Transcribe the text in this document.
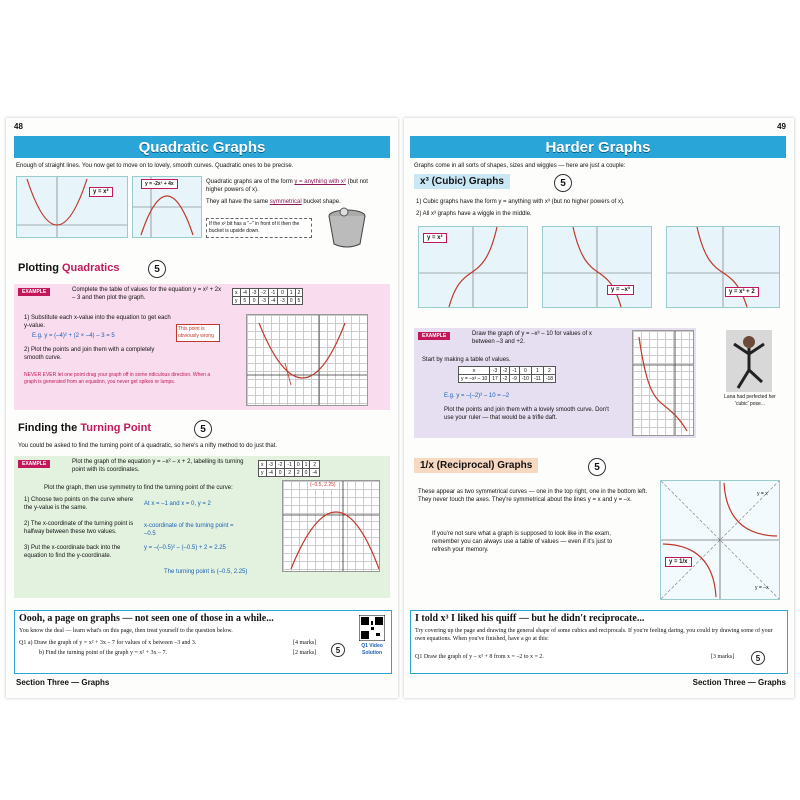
48
Quadratic Graphs
Enough of straight lines. You now get to move on to lovely, smooth curves. Quadratic ones to be precise.
y = x²
y = -2x² + 4x	Quadratic graphs are of the form y = anything with x² (but not higher powers of x).
They all have the same symmetrical bucket shape.
If the x² bit has a "–" in front of it then the bucket is upside down.
Plotting Quadratics	5
EXAMPLE	Complete the table of values for the equation y = x² + 2x – 3 and then plot the graph.
x	-4	-3	-2	-1	0	1	2
y	5	0	-3	-4	-3	0	5
1) Substitute each x-value into the equation to get each y-value.
E.g. y = (–4)² + (2 × –4) – 3 = 5
2) Plot the points and join them with a completely smooth curve.
NEVER EVER let one point drag your graph off in some ridiculous direction. When a graph is generated from an equation, you never get spikes or lumps.
This point is obviously wrong
Finding the Turning Point	5
You could be asked to find the turning point of a quadratic, so here's a nifty method to do just that.
EXAMPLE	Plot the graph of the equation y = –x² – x + 2, labelling its turning point with its coordinates.
x	-3	-2	-1	0	1	2
y	-4	0	2	2	0	-4
Plot the graph, then use symmetry to find the turning point of the curve:
1) Choose two points on the curve where the y-value is the same.
At x = –1 and x = 0, y = 2
2) The x-coordinate of the turning point is halfway between these two values.
x-coordinate of the turning point = –0.5
3) Put the x-coordinate back into the equation to find the y-coordinate.
y = –(–0.5)² – (–0.5) + 2 = 2.25
The turning point is (–0.5, 2.25)
(–0.5, 2.25)
Oooh, a page on graphs — not seen one of those in a while...
You know the deal — learn what's on this page, then treat yourself to the question below.
Q1 a) Draw the graph of y = x² + 3x – 7 for values of x between –3 and 3.	[4 marks]
b) Find the turning point of the graph y = x² + 3x – 7.	[2 marks]	5	Q1 Video Solution
Section Three — Graphs
49
Harder Graphs
Graphs come in all sorts of shapes, sizes and wiggles — here are just a couple:
x³ (Cubic) Graphs	5
1) Cubic graphs have the form y = anything with x³ (but no higher powers of x).
2) All x³ graphs have a wiggle in the middle.
y = x³
y = –x³	y = x³ + 2
EXAMPLE	Draw the graph of y = –x³ – 10 for values of x between –3 and +2.
Start by making a table of values.
x	-3	-2	-1	0	1	2
y = –x³ – 10	17	-2	-9	-10	-11	-18
E.g. y = –(–2)³ – 10 = –2
Plot the points and join them with a lovely smooth curve. Don't use your ruler — that would be a trifle daft.
Lana had perfected her 'cubic' pose...
1/x (Reciprocal) Graphs	5
These appear as two symmetrical curves — one in the top right, one in the bottom left. They never touch the axes. They're symmetrical about the lines y = x and y = –x.
If you're not sure what a graph is supposed to look like in the exam, remember you can always use a table of values — even if it's just to refresh your memory.
y = 1/x
y = x
y = –x
I told x³ I liked his quiff — but he didn't reciprocate...
Try covering up the page and drawing the general shape of some cubics and reciprocals. If you're feeling daring, you could try drawing some of your own equations. When you've finished, have a go at this:
Q1 Draw the graph of y – x³ + 8 from x = –2 to x = 2.	[3 marks]	5
Section Three — Graphs
